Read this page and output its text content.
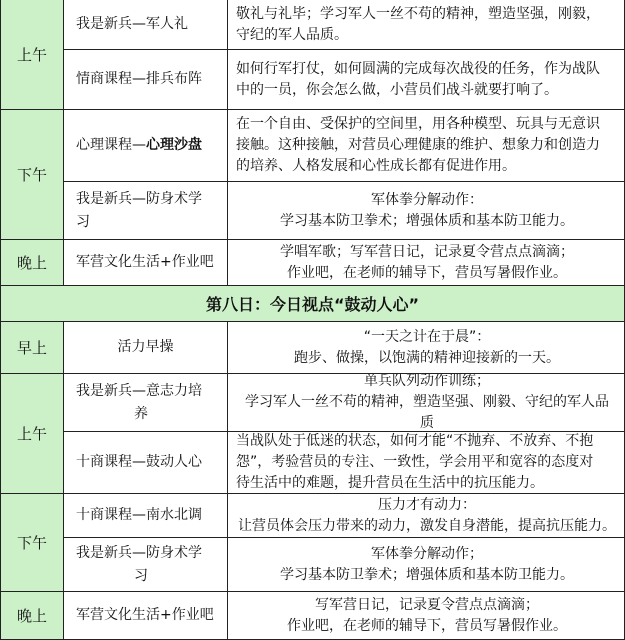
上午
我是新兵—军人礼
敬礼与礼毕；学习军人一丝不苟的精神，塑造坚强，刚毅，
守纪的军人品质。
情商课程—排兵布阵
如何行军打仗，如何圆满的完成每次战役的任务，作为战队
中的一员，你会怎么做，小营员们战斗就要打响了。
下午
心理课程—心理沙盘
在一个自由、受保护的空间里，用各种模型、玩具与无意识
接触。这种接触，对营员心理健康的维护、想象力和创造力
的培养、人格发展和心性成长都有促进作用。
我是新兵—防身术学
习
军体拳分解动作：
学习基本防卫拳术；增强体质和基本防卫能力。
晚上 军营文化生活+作业吧
学唱军歌；写军营日记，记录夏令营点点滴滴；
作业吧，在老师的辅导下，营员写暑假作业。
第八日：今日视点“鼓动人心”
早上	活力早操
“一天之计在于晨”：
跑步、做操，以饱满的精神迎接新的一天。
上午
我是新兵—意志力培
养
单兵队列动作训练；
学习军人一丝不苟的精神，塑造坚强、刚毅、守纪的军人品
质
十商课程—鼓动人心
当战队处于低迷的状态，如何才能“不抛弃、不放弃、不抱
怨”，考验营员的专注、一致性，学会用平和宽容的态度对
待生活中的难题，提升营员在生活中的抗压能力。
下午
十商课程—南水北调
压力才有动力：
让营员体会压力带来的动力，激发自身潜能，提高抗压能力。
我是新兵—防身术学
习
军体拳分解动作；
学习基本防卫拳术；增强体质和基本防卫能力。
晚上 军营文化生活+作业吧
写军营日记，记录夏令营点点滴滴；
作业吧，在老师的辅导下，营员写暑假作业。
